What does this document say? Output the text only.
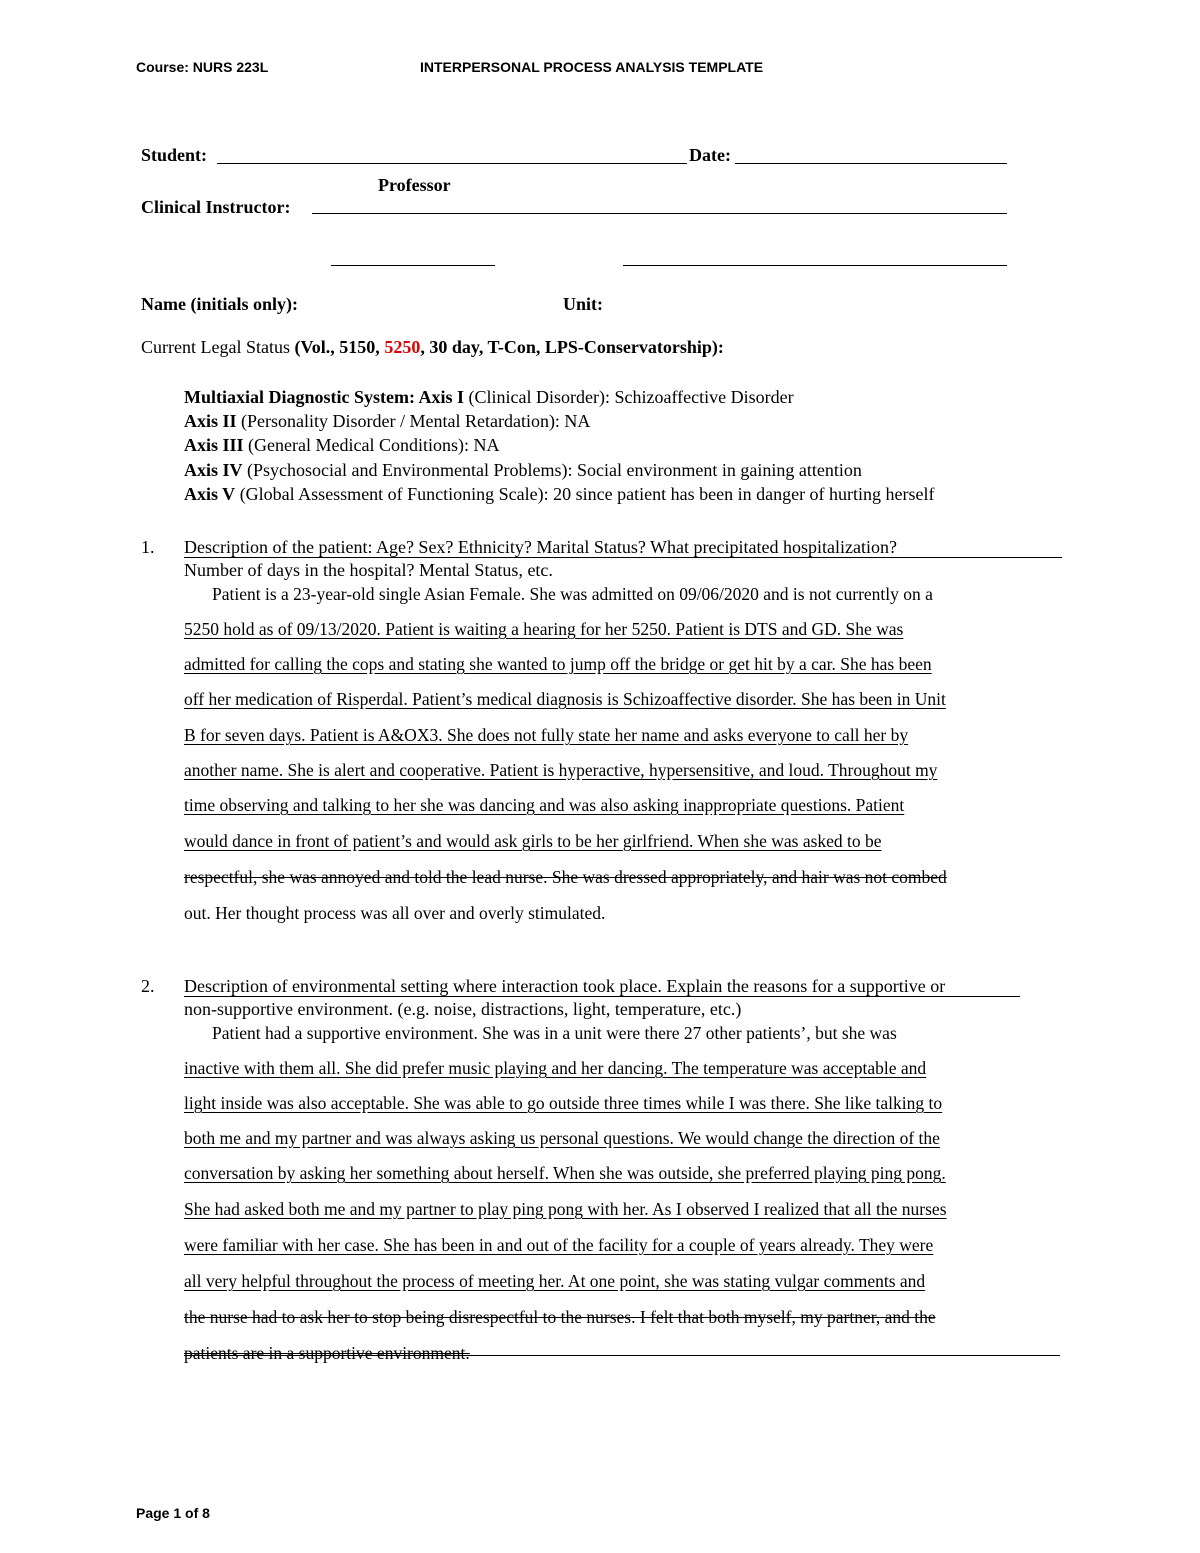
Course: NURS 223L	INTERPERSONAL PROCESS ANALYSIS TEMPLATE
Student:	Date:
Professor
Clinical Instructor:
Name (initials only):	Unit:
Current Legal Status (Vol., 5150, 5250, 30 day, T-Con, LPS-Conservatorship):
Multiaxial Diagnostic System: Axis I (Clinical Disorder): Schizoaffective Disorder
Axis II (Personality Disorder / Mental Retardation): NA
Axis III (General Medical Conditions): NA
Axis IV (Psychosocial and Environmental Problems): Social environment in gaining attention
Axis V (Global Assessment of Functioning Scale): 20 since patient has been in danger of hurting herself
1. Description of the patient: Age? Sex? Ethnicity? Marital Status? What precipitated hospitalization?
Number of days in the hospital? Mental Status, etc.
Patient is a 23-year-old single Asian Female. She was admitted on 09/06/2020 and is not currently on a
5250 hold as of 09/13/2020. Patient is waiting a hearing for her 5250. Patient is DTS and GD. She was
admitted for calling the cops and stating she wanted to jump off the bridge or get hit by a car. She has been
off her medication of Risperdal. Patient’s medical diagnosis is Schizoaffective disorder. She has been in Unit
B for seven days. Patient is A&OX3. She does not fully state her name and asks everyone to call her by
another name. She is alert and cooperative. Patient is hyperactive, hypersensitive, and loud. Throughout my
time observing and talking to her she was dancing and was also asking inappropriate questions. Patient
would dance in front of patient’s and would ask girls to be her girlfriend. When she was asked to be
respectful, she was annoyed and told the lead nurse. She was dressed appropriately, and hair was not combed
out. Her thought process was all over and overly stimulated.
2. Description of environmental setting where interaction took place. Explain the reasons for a supportive or
non-supportive environment. (e.g. noise, distractions, light, temperature, etc.)
Patient had a supportive environment. She was in a unit were there 27 other patients’, but she was
inactive with them all. She did prefer music playing and her dancing. The temperature was acceptable and
light inside was also acceptable. She was able to go outside three times while I was there. She like talking to
both me and my partner and was always asking us personal questions. We would change the direction of the
conversation by asking her something about herself. When she was outside, she preferred playing ping pong.
She had asked both me and my partner to play ping pong with her. As I observed I realized that all the nurses
were familiar with her case. She has been in and out of the facility for a couple of years already. They were
all very helpful throughout the process of meeting her. At one point, she was stating vulgar comments and
the nurse had to ask her to stop being disrespectful to the nurses. I felt that both myself, my partner, and the
patients are in a supportive environment.
Page 1 of 8
